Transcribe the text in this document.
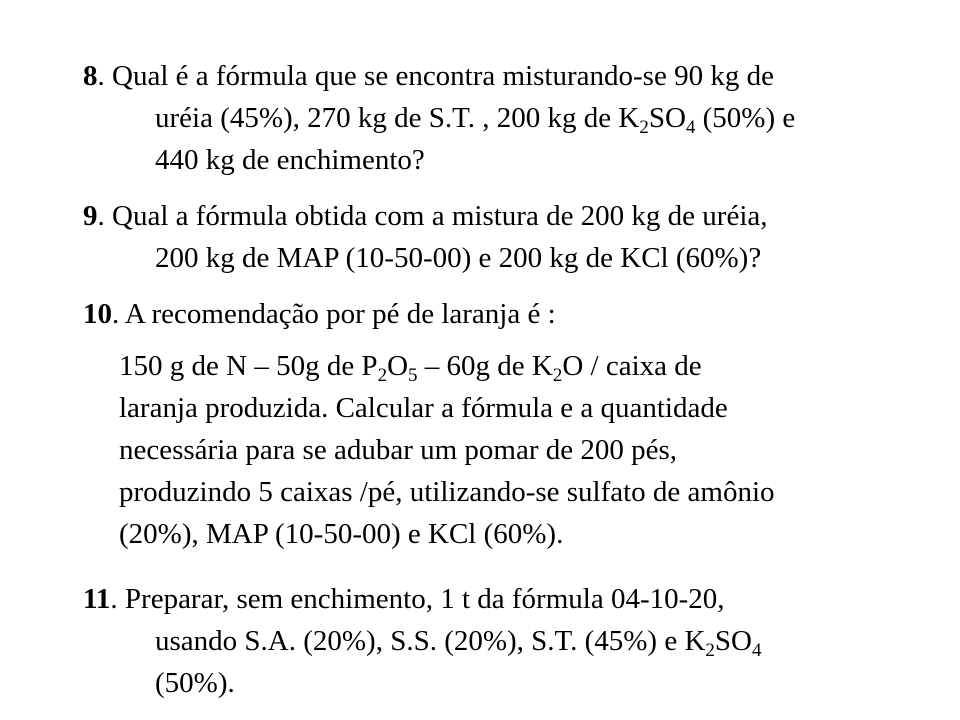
8. Qual é a fórmula que se encontra misturando-se 90 kg de
uréia (45%), 270 kg de S.T. , 200 kg de $K_2SO_4$ (50%) e
440 kg de enchimento?
9. Qual a fórmula obtida com a mistura de 200 kg de uréia,
200 kg de MAP (10-50-00) e 200 kg de KCl (60%)?
10. A recomendação por pé de laranja é :
150 g de N – 50g de $P_2O_5 - 60g$ de $K_2O$ / caixa de
laranja produzida. Calcular a fórmula e a quantidade
necessária para se adubar um pomar de 200 pés,
produzindo 5 caixas /pé, utilizando-se sulfato de amônio
(20%), MAP (10-50-00) e KCl (60%).
11. Preparar, sem enchimento, 1 t da fórmula 04-10-20,
usando S.A. (20%), S.S. (20%), S.T. (45%) e $K_2SO_4$
(50%).
